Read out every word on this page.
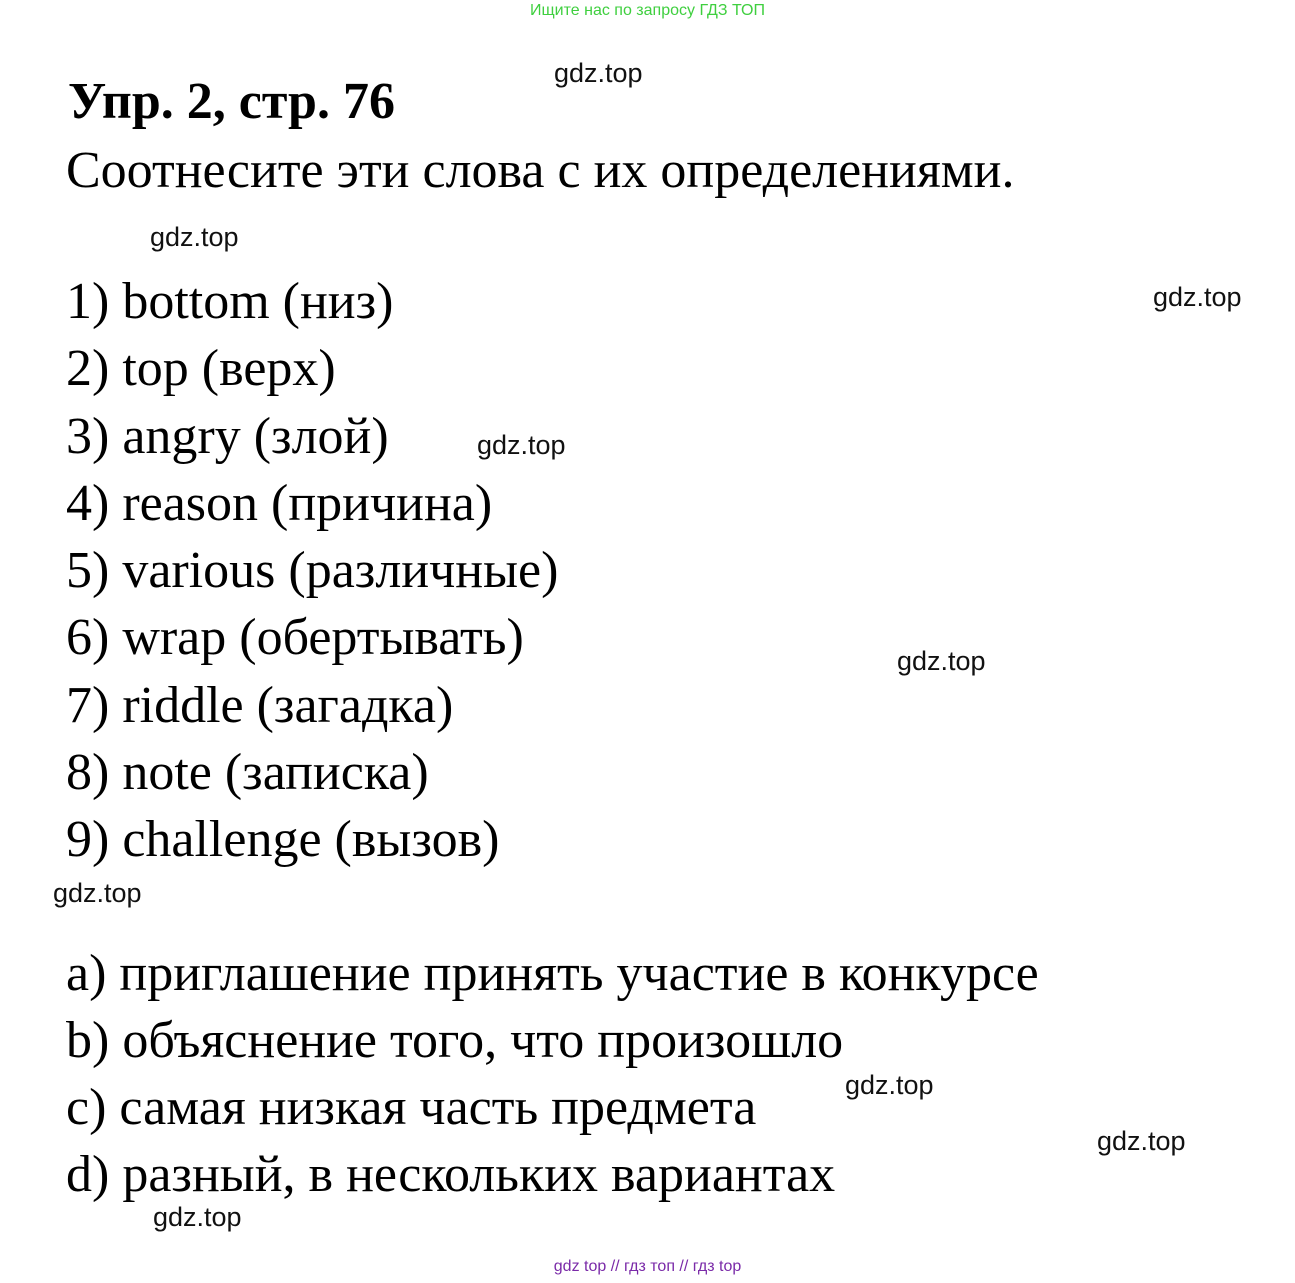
Ищите нас по запросу ГДЗ ТОП
Упр. 2, стр. 76
Соотнесите эти слова с их определениями.
1) bottom (низ)
2) top (верх)
3) angry (злой)
4) reason (причина)
5) various (различные)
6) wrap (обертывать)
7) riddle (загадка)
8) note (записка)
9) challenge (вызов)
a) приглашение принять участие в конкурсе
b) объяснение того, что произошло
c) самая низкая часть предмета
d) разный, в нескольких вариантах
gdz.top
gdz.top
gdz.top
gdz.top
gdz.top
gdz.top
gdz.top
gdz.top
gdz.top
gdz top // гдз топ // гдз top
